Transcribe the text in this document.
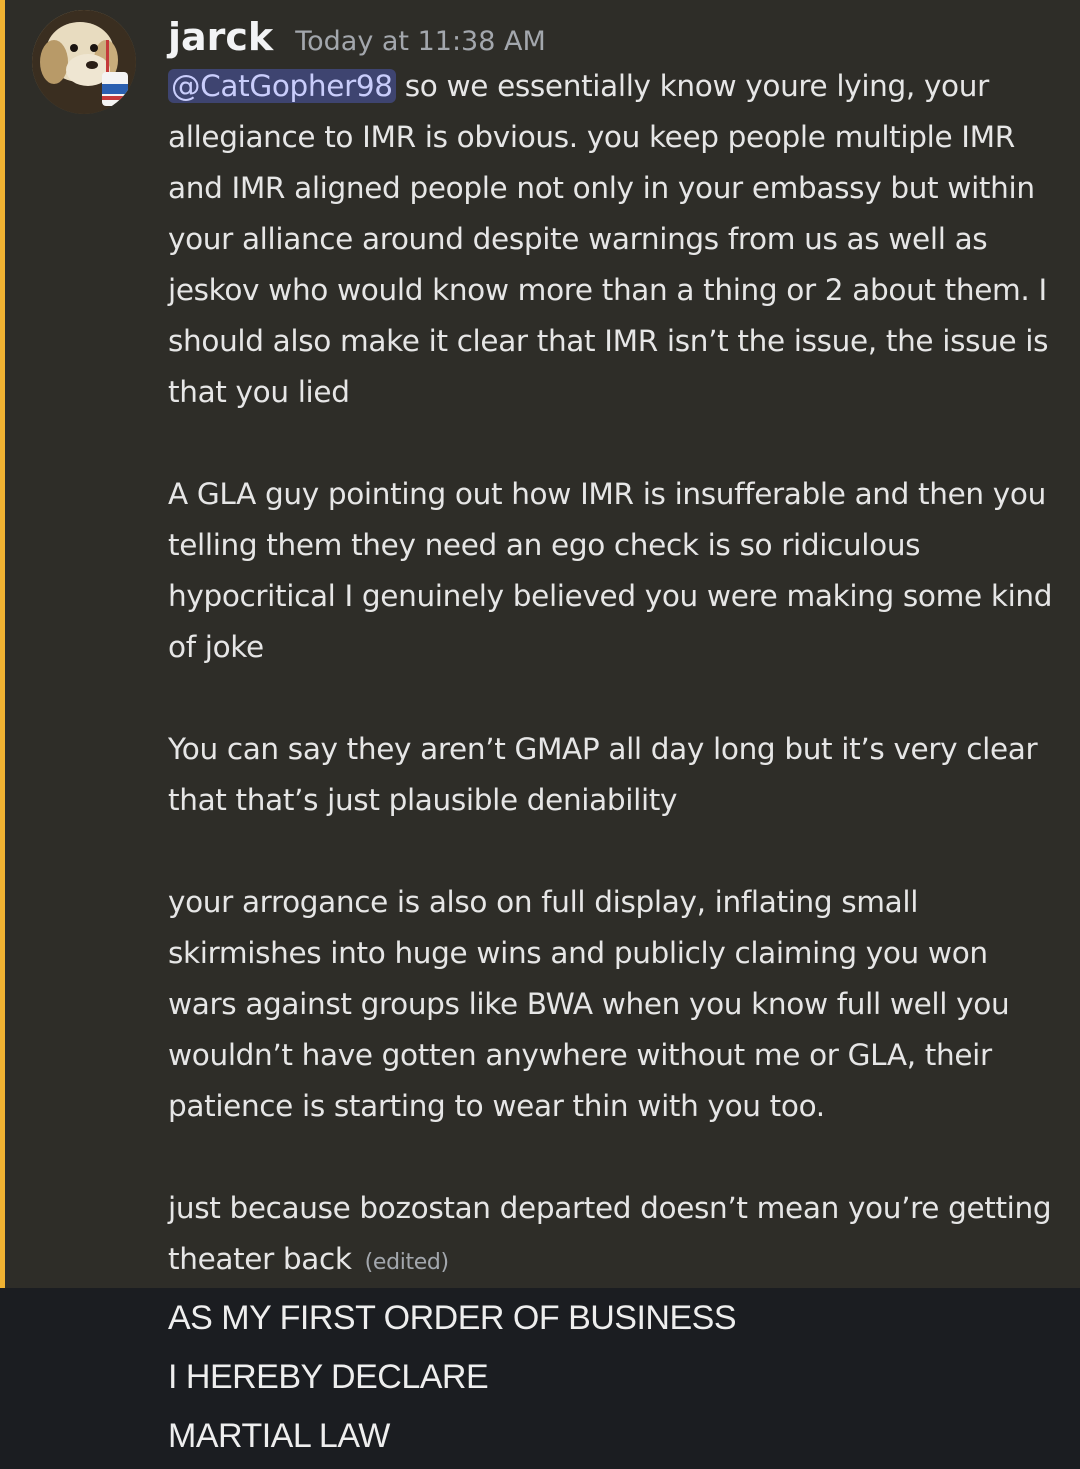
jarck Today at 11:38 AM

@CatGopher98 so we essentially know youre lying, your allegiance to IMR is obvious. you keep people multiple IMR and IMR aligned people not only in your embassy but within your alliance around despite warnings from us as well as jeskov who would know more than a thing or 2 about them. I should also make it clear that IMR isn’t the issue, the issue is that you lied

A GLA guy pointing out how IMR is insufferable and then you telling them they need an ego check is so ridiculous hypocritical I genuinely believed you were making some kind of joke

You can say they aren’t GMAP all day long but it’s very clear that that’s just plausible deniability

your arrogance is also on full display, inflating small skirmishes into huge wins and publicly claiming you won wars against groups like BWA when you know full well you wouldn’t have gotten anywhere without me or GLA, their patience is starting to wear thin with you too.

just because bozostan departed doesn’t mean you’re getting theater back (edited)

AS MY FIRST ORDER OF BUSINESS
I HEREBY DECLARE
MARTIAL LAW
